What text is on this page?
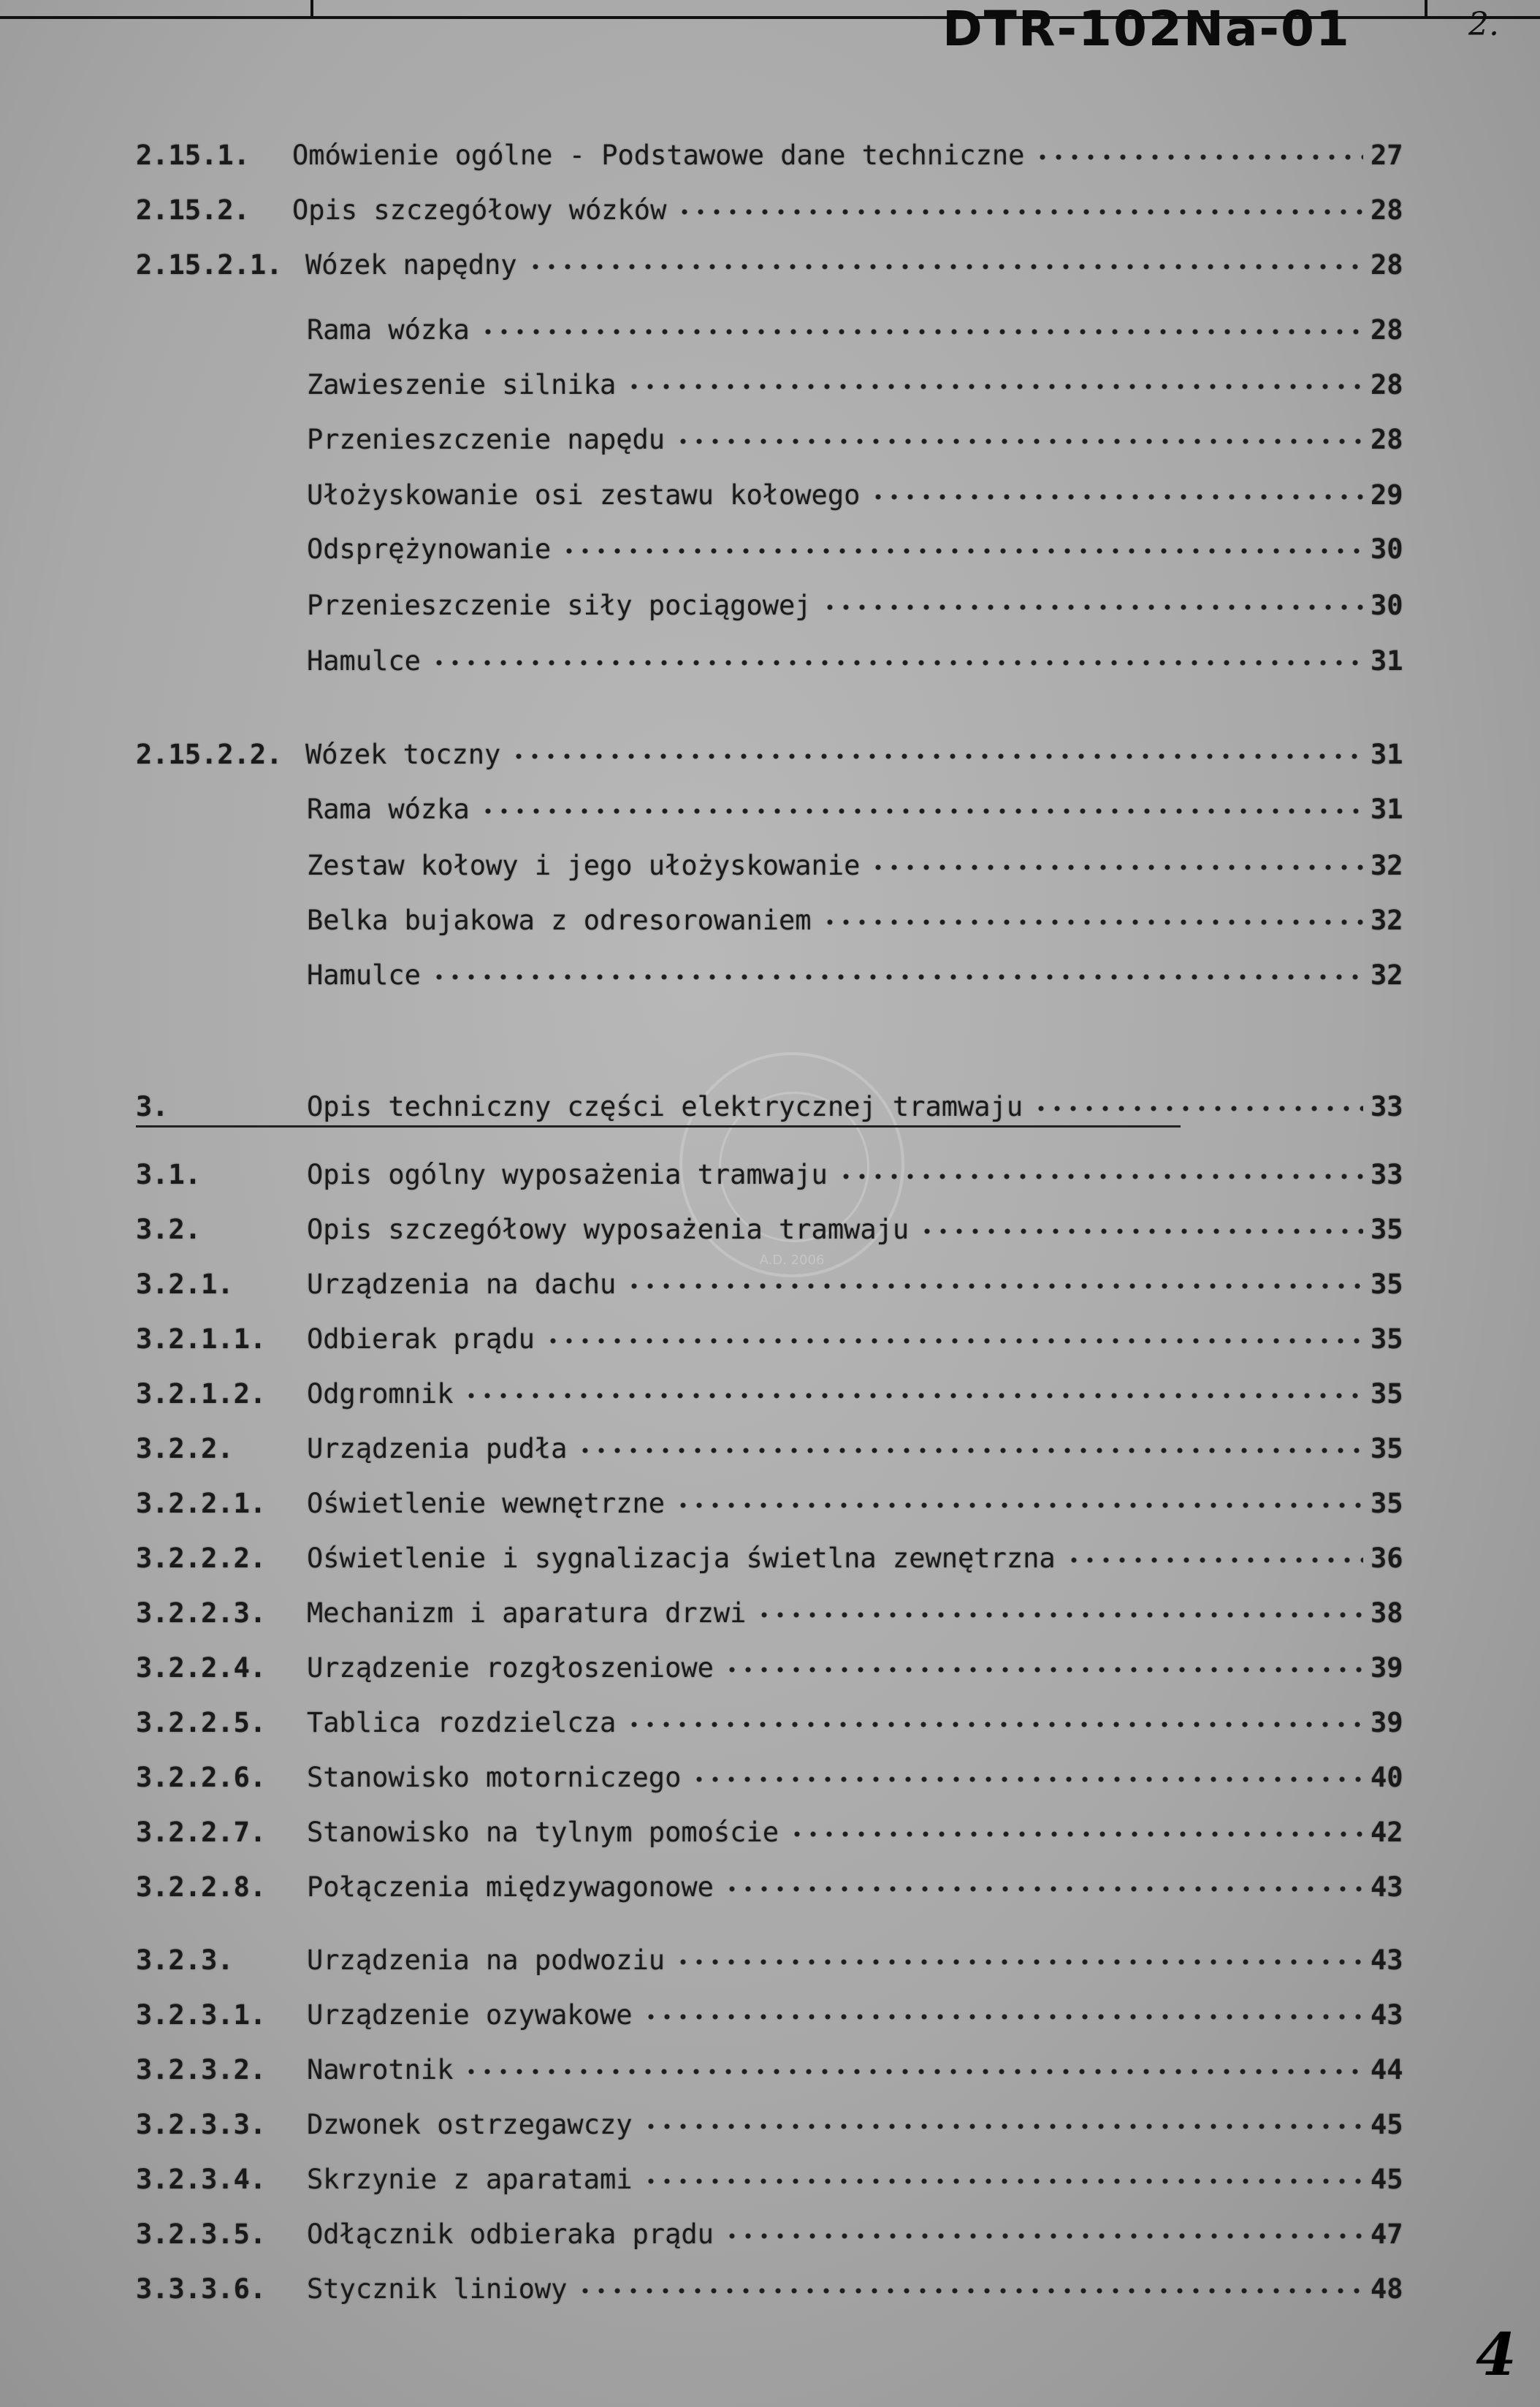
DTR-102Na-01	2.
A.D. 2006
2.15.1. Omówienie ogólne - Podstawowe dane techniczne	27
2.15.2. Opis szczegółowy wózków	28
2.15.2.1. Wózek napędny	28
Rama wózka	28
Zawieszenie silnika	28
Przenieszczenie napędu	28
Ułożyskowanie osi zestawu kołowego	29
Odsprężynowanie	30
Przenieszczenie siły pociągowej	30
Hamulce	31
2.15.2.2. Wózek toczny	31
Rama wózka	31
Zestaw kołowy i jego ułożyskowanie	32
Belka bujakowa z odresorowaniem	32
Hamulce	32
3.	Opis techniczny części elektrycznej tramwaju	33
3.1.	Opis ogólny wyposażenia tramwaju	33
3.2.	Opis szczegółowy wyposażenia tramwaju	35
3.2.1.	Urządzenia na dachu	35
3.2.1.1. Odbierak prądu	35
3.2.1.2. Odgromnik	35
3.2.2.	Urządzenia pudła	35
3.2.2.1. Oświetlenie wewnętrzne	35
3.2.2.2. Oświetlenie i sygnalizacja świetlna zewnętrzna	36
3.2.2.3. Mechanizm i aparatura drzwi	38
3.2.2.4. Urządzenie rozgłoszeniowe	39
3.2.2.5. Tablica rozdzielcza	39
3.2.2.6. Stanowisko motorniczego	40
3.2.2.7. Stanowisko na tylnym pomoście	42
3.2.2.8. Połączenia międzywagonowe	43
3.2.3.	Urządzenia na podwoziu	43
3.2.3.1. Urządzenie ozywakowe	43
3.2.3.2. Nawrotnik	44
3.2.3.3. Dzwonek ostrzegawczy	45
3.2.3.4. Skrzynie z aparatami	45
3.2.3.5. Odłącznik odbieraka prądu	47
3.3.3.6. Stycznik liniowy	48
4
